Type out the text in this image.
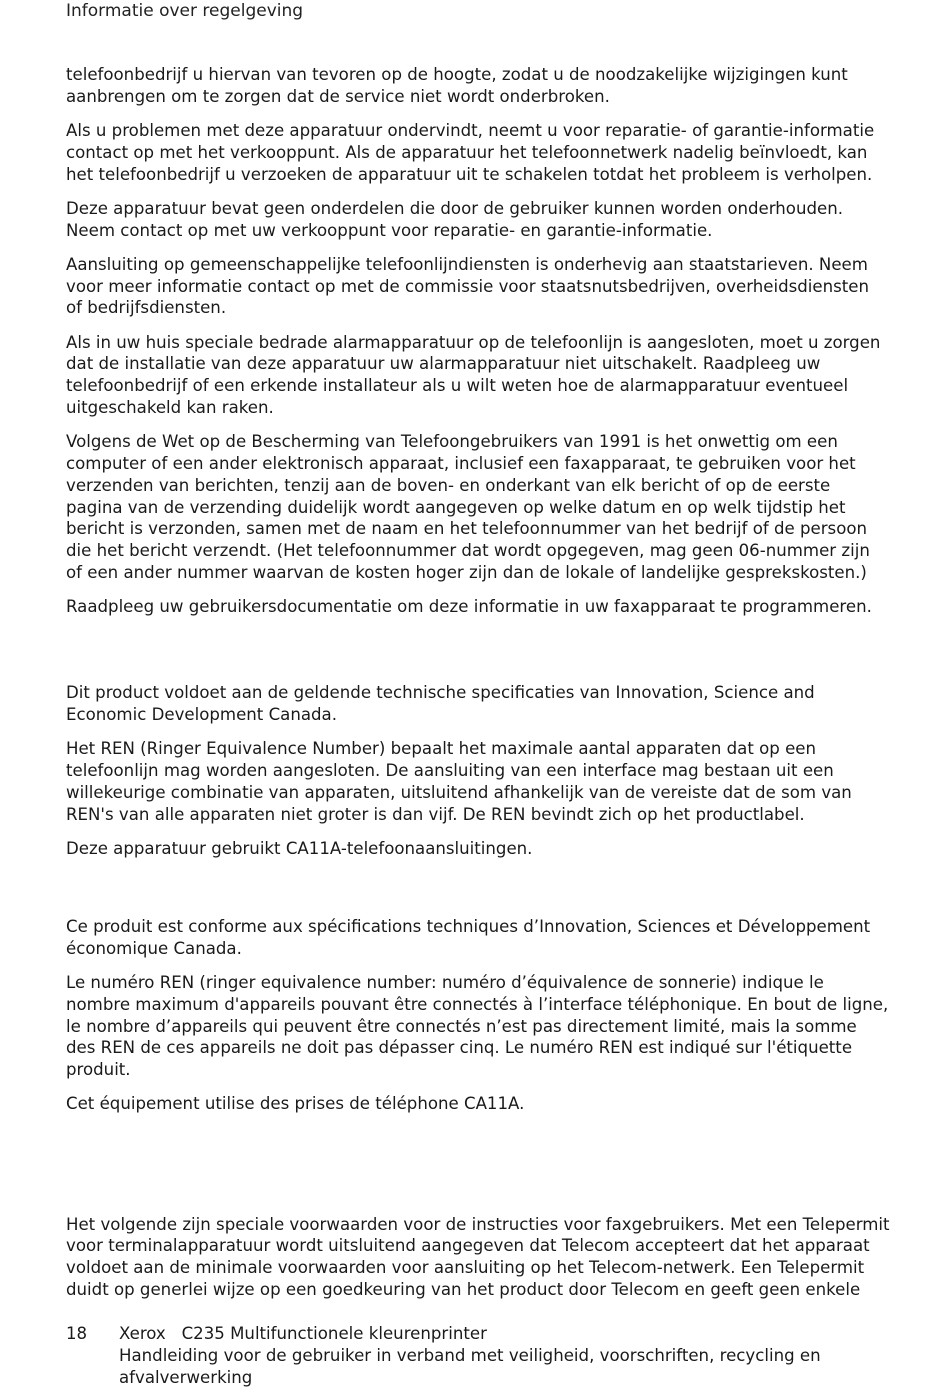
Informatie over regelgeving

telefoonbedrijf u hiervan van tevoren op de hoogte, zodat u de noodzakelijke wijzigingen kunt aanbrengen om te zorgen dat de service niet wordt onderbroken.

Als u problemen met deze apparatuur ondervindt, neemt u voor reparatie- of garantie-informatie contact op met het verkooppunt. Als de apparatuur het telefoonnetwerk nadelig beïnvloedt, kan het telefoonbedrijf u verzoeken de apparatuur uit te schakelen totdat het probleem is verholpen.

Deze apparatuur bevat geen onderdelen die door de gebruiker kunnen worden onderhouden. Neem contact op met uw verkooppunt voor reparatie- en garantie-informatie.

Aansluiting op gemeenschappelijke telefoonlijndiensten is onderhevig aan staatstarieven. Neem voor meer informatie contact op met de commissie voor staatsnutsbedrijven, overheidsdiensten of bedrijfsdiensten.

Als in uw huis speciale bedrade alarmapparatuur op de telefoonlijn is aangesloten, moet u zorgen dat de installatie van deze apparatuur uw alarmapparatuur niet uitschakelt. Raadpleeg uw telefoonbedrijf of een erkende installateur als u wilt weten hoe de alarmapparatuur eventueel uitgeschakeld kan raken.

Volgens de Wet op de Bescherming van Telefoongebruikers van 1991 is het onwettig om een computer of een ander elektronisch apparaat, inclusief een faxapparaat, te gebruiken voor het verzenden van berichten, tenzij aan de boven- en onderkant van elk bericht of op de eerste pagina van de verzending duidelijk wordt aangegeven op welke datum en op welk tijdstip het bericht is verzonden, samen met de naam en het telefoonnummer van het bedrijf of de persoon die het bericht verzendt. (Het telefoonnummer dat wordt opgegeven, mag geen 06-nummer zijn of een ander nummer waarvan de kosten hoger zijn dan de lokale of landelijke gesprekskosten.)

Raadpleeg uw gebruikersdocumentatie om deze informatie in uw faxapparaat te programmeren.

Dit product voldoet aan de geldende technische specificaties van Innovation, Science and Economic Development Canada.

Het REN (Ringer Equivalence Number) bepaalt het maximale aantal apparaten dat op een telefoonlijn mag worden aangesloten. De aansluiting van een interface mag bestaan uit een willekeurige combinatie van apparaten, uitsluitend afhankelijk van de vereiste dat de som van REN's van alle apparaten niet groter is dan vijf. De REN bevindt zich op het productlabel.

Deze apparatuur gebruikt CA11A-telefoonaansluitingen.

Ce produit est conforme aux spécifications techniques d’Innovation, Sciences et Développement économique Canada.

Le numéro REN (ringer equivalence number: numéro d’équivalence de sonnerie) indique le nombre maximum d'appareils pouvant être connectés à l’interface téléphonique. En bout de ligne, le nombre d’appareils qui peuvent être connectés n’est pas directement limité, mais la somme des REN de ces appareils ne doit pas dépasser cinq. Le numéro REN est indiqué sur l'étiquette produit.

Cet équipement utilise des prises de téléphone CA11A.

Het volgende zijn speciale voorwaarden voor de instructies voor faxgebruikers. Met een Telepermit voor terminalapparatuur wordt uitsluitend aangegeven dat Telecom accepteert dat het apparaat voldoet aan de minimale voorwaarden voor aansluiting op het Telecom-netwerk. Een Telepermit duidt op generlei wijze op een goedkeuring van het product door Telecom en geeft geen enkele

18 Xerox   C235 Multifunctionele kleurenprinter
Handleiding voor de gebruiker in verband met veiligheid, voorschriften, recycling en afvalverwerking
